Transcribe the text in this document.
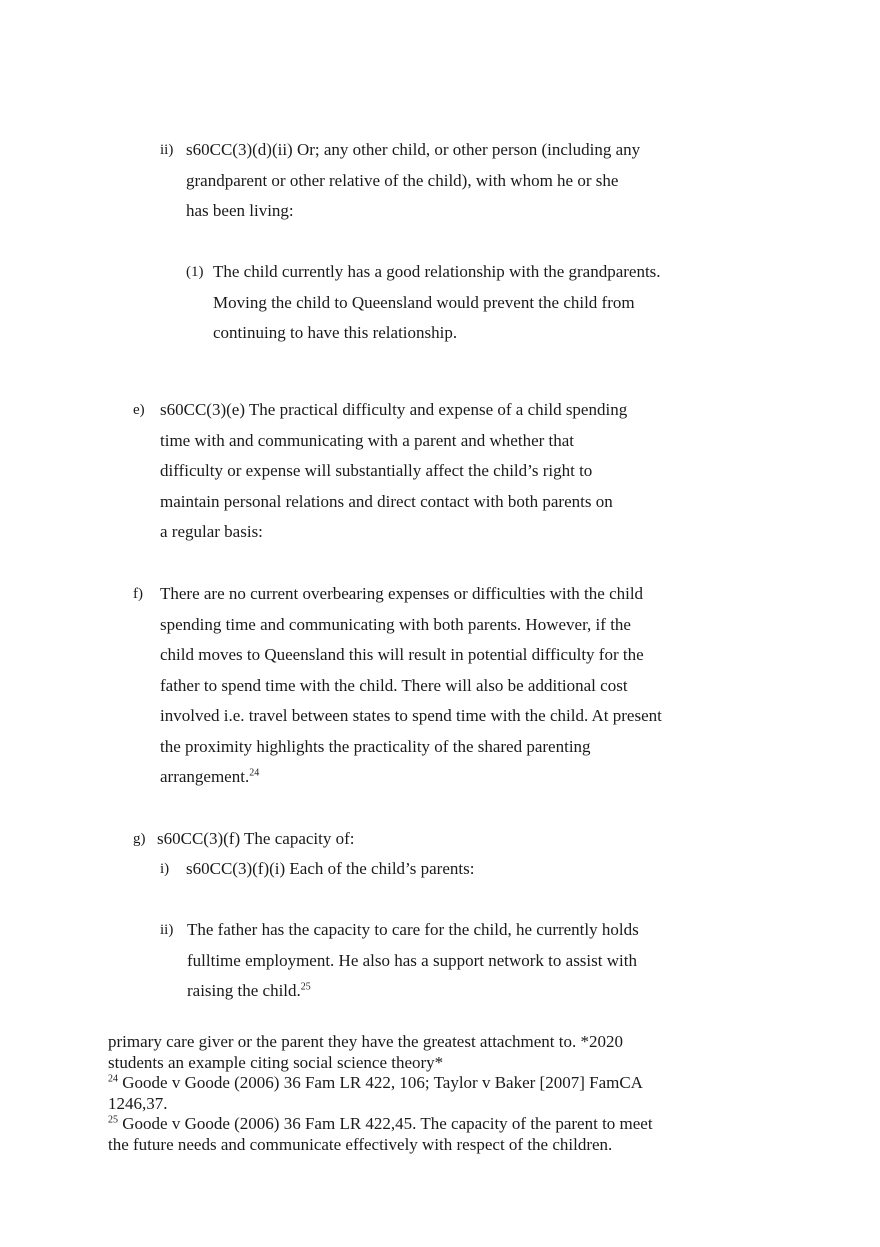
ii) s60CC(3)(d)(ii) Or; any other child, or other person (including any
grandparent or other relative of the child), with whom he or she
has been living:
(1) The child currently has a good relationship with the grandparents.
Moving the child to Queensland would prevent the child from
continuing to have this relationship.
e) s60CC(3)(e) The practical difficulty and expense of a child spending
time with and communicating with a parent and whether that
difficulty or expense will substantially affect the child’s right to
maintain personal relations and direct contact with both parents on
a regular basis:
f) There are no current overbearing expenses or difficulties with the child
spending time and communicating with both parents. However, if the
child moves to Queensland this will result in potential difficulty for the
father to spend time with the child. There will also be additional cost
involved i.e. travel between states to spend time with the child. At present
the proximity highlights the practicality of the shared parenting
arrangement.$^{24}$
g) s60CC(3)(f) The capacity of:
i) s60CC(3)(f)(i) Each of the child’s parents:
ii) The father has the capacity to care for the child, he currently holds
fulltime employment. He also has a support network to assist with
raising the child.$^{25}$
primary care giver or the parent they have the greatest attachment to. *2020
students an example citing social science theory*
$^{24}$ Goode v Goode (2006) 36 Fam LR 422, 106; Taylor v Baker [2007] FamCA
1246,37.
$^{25}$ Goode v Goode (2006) 36 Fam LR 422,45. The capacity of the parent to meet
the future needs and communicate effectively with respect of the children.
